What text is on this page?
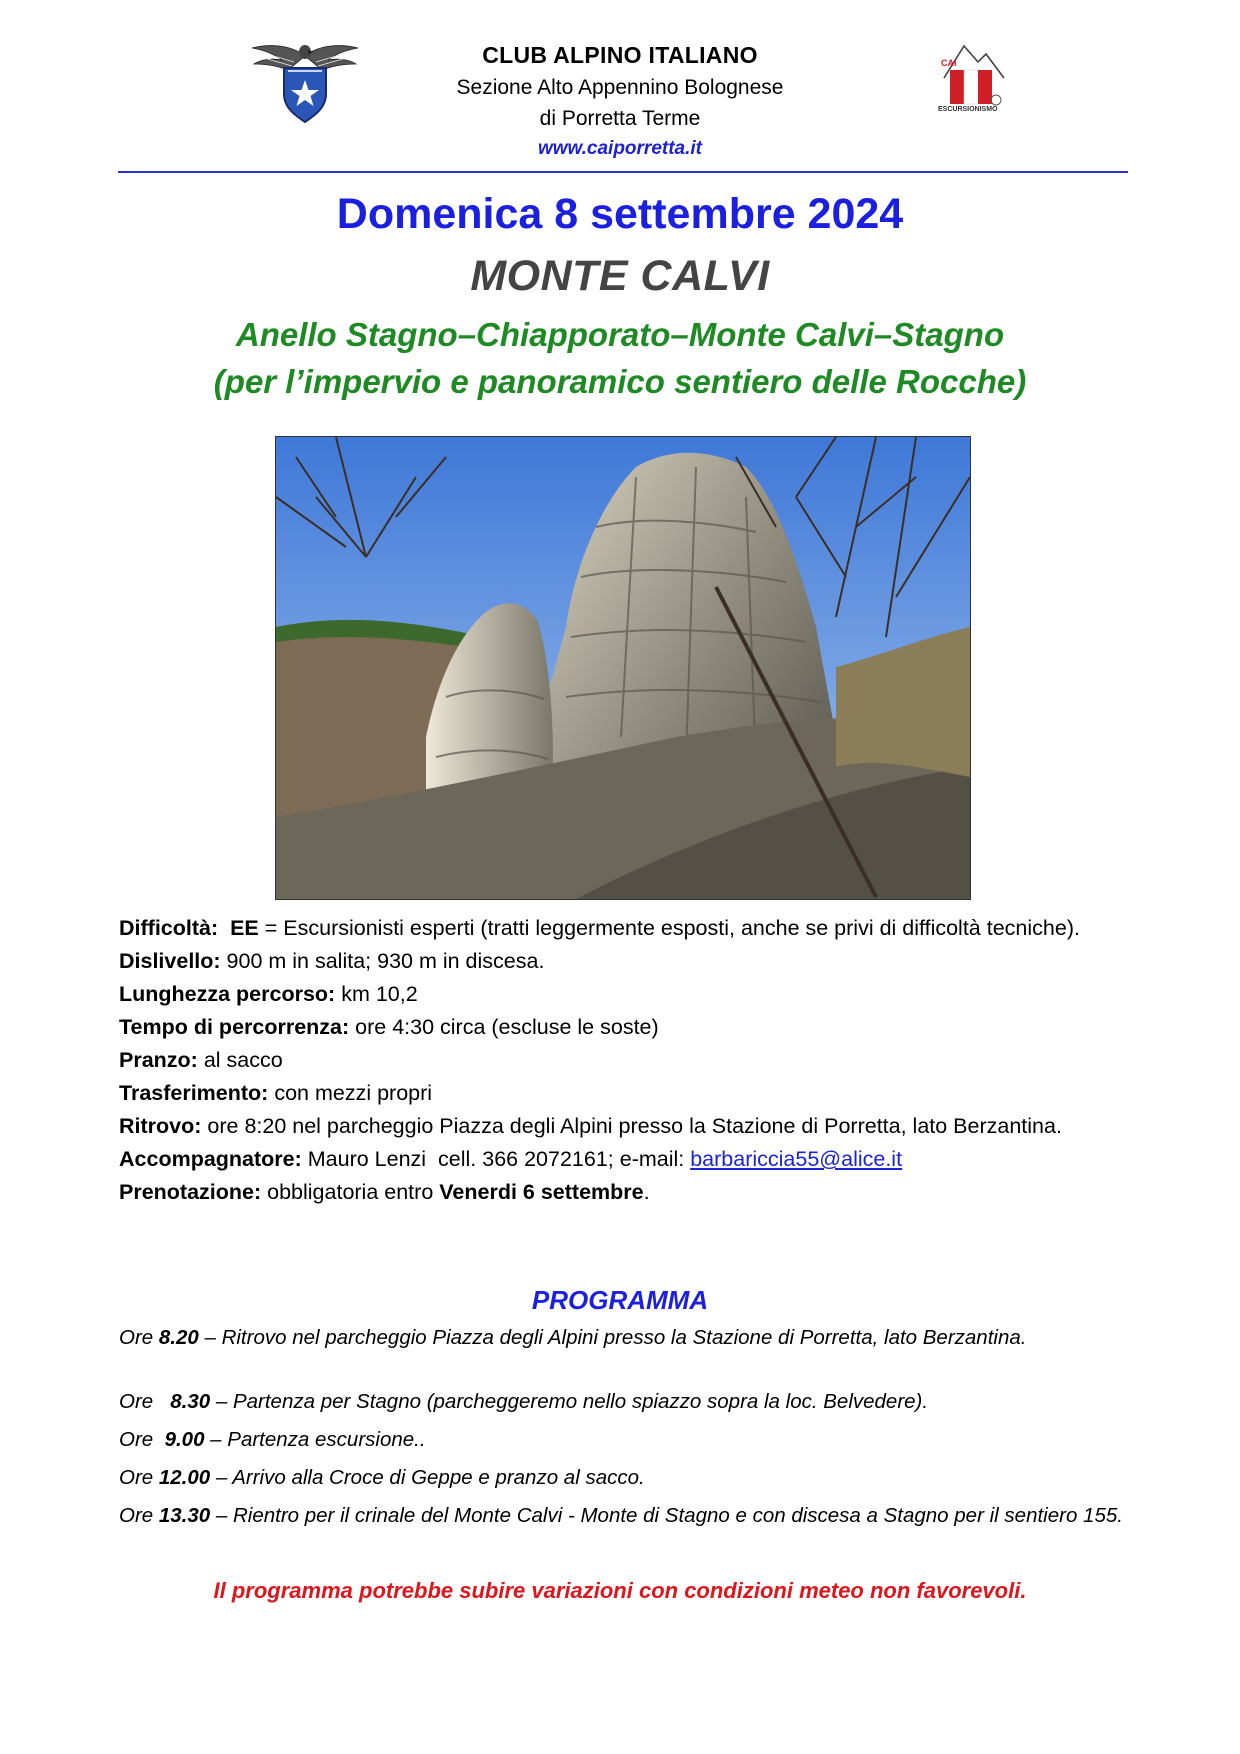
CLUB ALPINO ITALIANO
Sezione Alto Appennino Bolognese
di Porretta Terme
www.caiporretta.it
CAI
ESCURSIONISMO
Domenica 8 settembre 2024
MONTE CALVI
Anello Stagno–Chiapporato–Monte Calvi–Stagno
(per l’impervio e panoramico sentiero delle Rocche)

Difficoltà: EE = Escursionisti esperti (tratti leggermente esposti, anche se privi di difficoltà tecniche).

Dislivello: 900 m in salita; 930 m in discesa.

Lunghezza percorso: km 10,2

Tempo di percorrenza: ore 4:30 circa (escluse le soste)

Pranzo: al sacco

Trasferimento: con mezzi propri

Ritrovo: ore 8:20 nel parcheggio Piazza degli Alpini presso la Stazione di Porretta, lato Berzantina.

Accompagnatore: Mauro Lenzi  cell. 366 2072161; e-mail: barbariccia55@alice.it

Prenotazione: obbligatoria entro Venerdi 6 settembre.

PROGRAMMA

Ore 8.20 – Ritrovo nel parcheggio Piazza degli Alpini presso la Stazione di Porretta, lato Berzantina.

Ore   8.30 – Partenza per Stagno (parcheggeremo nello spiazzo sopra la loc. Belvedere).

Ore  9.00 – Partenza escursione..

Ore 12.00 – Arrivo alla Croce di Geppe e pranzo al sacco.

Ore 13.30 – Rientro per il crinale del Monte Calvi - Monte di Stagno e con discesa a Stagno per il sentiero 155.

Il programma potrebbe subire variazioni con condizioni meteo non favorevoli.
